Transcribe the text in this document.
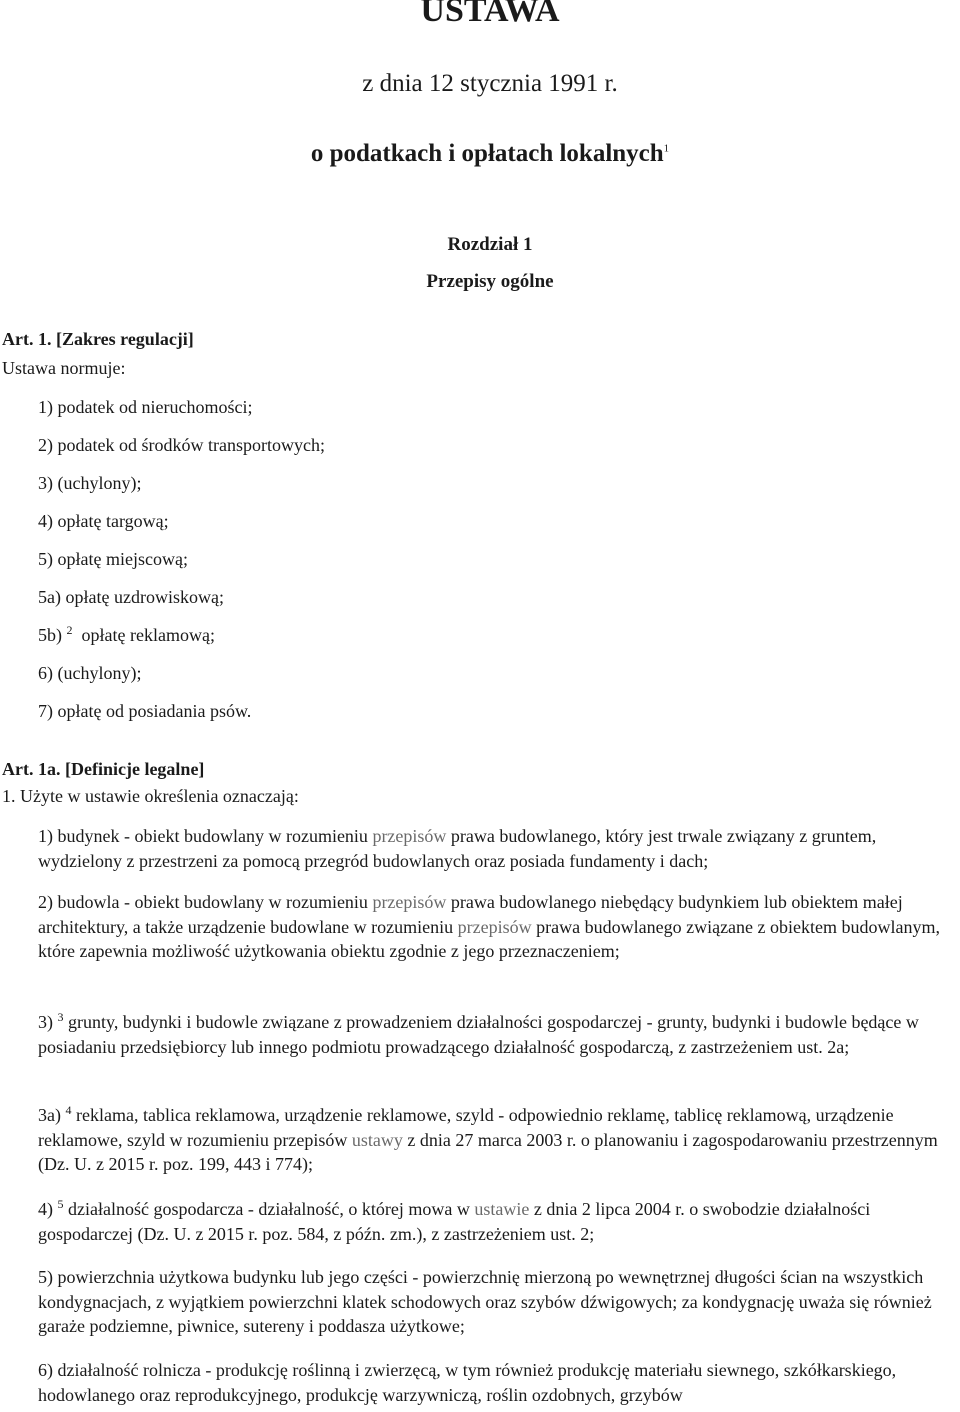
USTAWA
z dnia 12 stycznia 1991 r.
o podatkach i opłatach lokalnych$^1$
Rozdział 1
Przepisy ogólne
Art. 1. [Zakres regulacji]
Ustawa normuje:
1) podatek od nieruchomości;
2) podatek od środków transportowych;
3) (uchylony);
4) opłatę targową;
5) opłatę miejscową;
5a) opłatę uzdrowiskową;
5b) $^2$ opłatę reklamową;
6) (uchylony);
7) opłatę od posiadania psów.
Art. 1a. [Definicje legalne]
1. Użyte w ustawie określenia oznaczają:
1) budynek - obiekt budowlany w rozumieniu przepisów prawa budowlanego, który jest trwale związany z gruntem, wydzielony z przestrzeni za pomocą przegród budowlanych oraz posiada fundamenty i dach;
2) budowla - obiekt budowlany w rozumieniu przepisów prawa budowlanego niebędący budynkiem lub obiektem małej architektury, a także urządzenie budowlane w rozumieniu przepisów prawa budowlanego związane z obiektem budowlanym, które zapewnia możliwość użytkowania obiektu zgodnie z jego przeznaczeniem;
3) $^3$ grunty, budynki i budowle związane z prowadzeniem działalności gospodarczej - grunty, budynki i budowle będące w posiadaniu przedsiębiorcy lub innego podmiotu prowadzącego działalność gospodarczą, z zastrzeżeniem ust. 2a;
3a) $^4$ reklama, tablica reklamowa, urządzenie reklamowe, szyld - odpowiednio reklamę, tablicę reklamową, urządzenie reklamowe, szyld w rozumieniu przepisów ustawy z dnia 27 marca 2003 r. o planowaniu i zagospodarowaniu przestrzennym (Dz. U. z 2015 r. poz. 199, 443 i 774);
4) $^5$ działalność gospodarcza - działalność, o której mowa w ustawie z dnia 2 lipca 2004 r. o swobodzie działalności gospodarczej (Dz. U. z 2015 r. poz. 584, z późn. zm.), z zastrzeżeniem ust. 2;
5) powierzchnia użytkowa budynku lub jego części - powierzchnię mierzoną po wewnętrznej długości ścian na wszystkich kondygnacjach, z wyjątkiem powierzchni klatek schodowych oraz szybów dźwigowych; za kondygnację uważa się również garaże podziemne, piwnice, sutereny i poddasza użytkowe;
6) działalność rolnicza - produkcję roślinną i zwierzęcą, w tym również produkcję materiału siewnego, szkółkarskiego, hodowlanego oraz reprodukcyjnego, produkcję warzywniczą, roślin ozdobnych, grzybów
